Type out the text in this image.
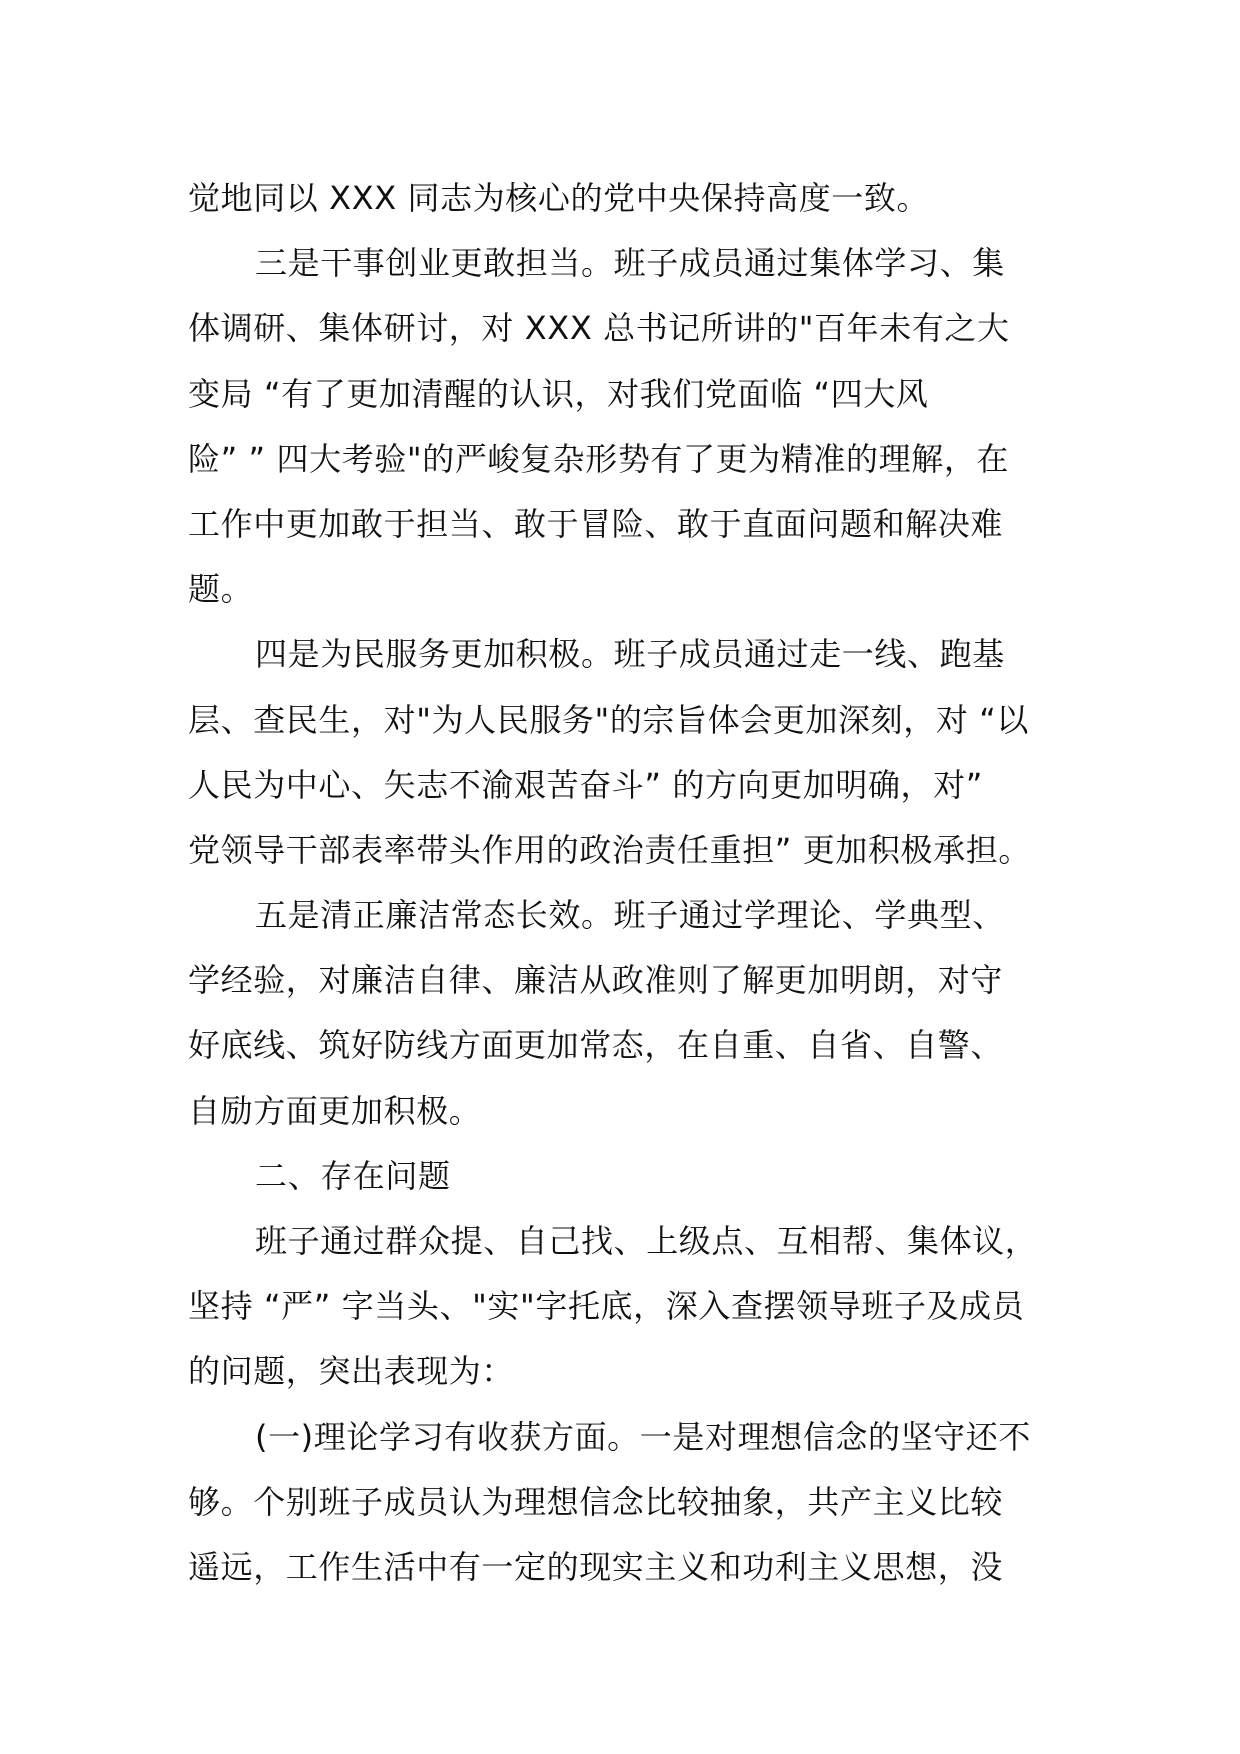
觉地同以 XXX 同志为核心的党中央保持高度一致。
三是干事创业更敢担当。班子成员通过集体学习、集
体调研、集体研讨，对 XXX 总书记所讲的"百年未有之大
变局 “有了更加清醒的认识，对我们党面临 “四大风
险” ” 四大考验"的严峻复杂形势有了更为精准的理解，在
工作中更加敢于担当、敢于冒险、敢于直面问题和解决难
题。
四是为民服务更加积极。班子成员通过走一线、跑基
层、查民生，对"为人民服务"的宗旨体会更加深刻，对 “以
人民为中心、矢志不渝艰苦奋斗” 的方向更加明确，对”
党领导干部表率带头作用的政治责任重担” 更加积极承担。
五是清正廉洁常态长效。班子通过学理论、学典型、
学经验，对廉洁自律、廉洁从政准则了解更加明朗，对守
好底线、筑好防线方面更加常态，在自重、自省、自警、
自励方面更加积极。
二、存在问题
班子通过群众提、自己找、上级点、互相帮、集体议，
坚持 “严” 字当头、"实"字托底，深入查摆领导班子及成员
的问题，突出表现为：
(一)理论学习有收获方面。一是对理想信念的坚守还不
够。个别班子成员认为理想信念比较抽象，共产主义比较
遥远，工作生活中有一定的现实主义和功利主义思想，没
